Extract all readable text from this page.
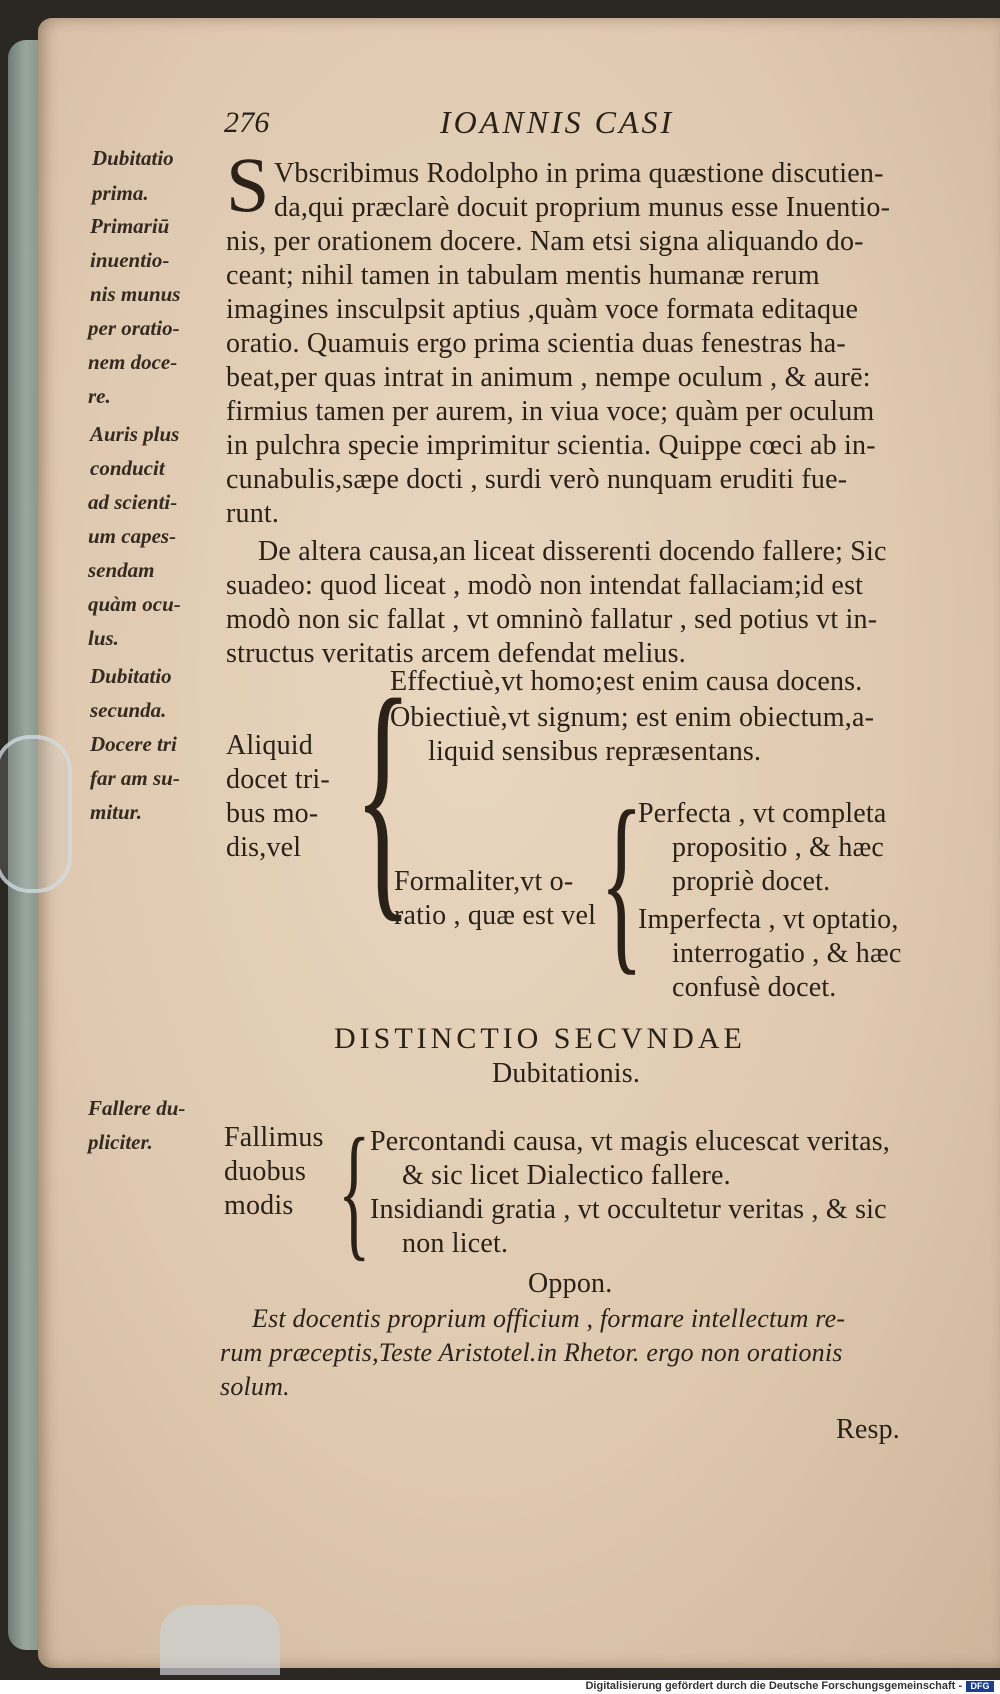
276	IOANNIS CASI
Dubitatio
prima.
Primariū
inuentio-
nis munus
per oratio-
nem doce-
re.
Auris plus
conducit
ad scienti-
um capes-
sendam
quàm ocu-
lus.
Dubitatio
secunda.
Docere tri
far am su-
mitur.
Fallere du-
pliciter.
S Vbscribimus Rodolpho in prima quæstione discutien-
da,qui præclarè docuit proprium munus esse Inuentio-
nis, per orationem docere. Nam etsi signa aliquando do-
ceant; nihil tamen in tabulam mentis humanæ rerum
imagines insculpsit aptius ,quàm voce formata editaque
oratio. Quamuis ergo prima scientia duas fenestras ha-
beat,per quas intrat in animum , nempe oculum , & aurē:
firmius tamen per aurem, in viua voce; quàm per oculum
in pulchra specie imprimitur scientia. Quippe cœci ab in-
cunabulis,sæpe docti , surdi verò nunquam eruditi fue-
runt.
De altera causa,an liceat disserenti docendo fallere; Sic
suadeo: quod liceat , modò non intendat fallaciam;id est
modò non sic fallat , vt omninò fallatur , sed potius vt in-
structus veritatis arcem defendat melius.
Aliquid
docet tri-
bus mo-
dis,vel {
Effectiuè,vt homo;est enim causa docens.
Obiectiuè,vt signum; est enim obiectum,a-
liquid sensibus repræsentans.
Formaliter,vt o-
ratio , quæ est vel {
Perfecta , vt completa
propositio , & hæc
propriè docet.
Imperfecta , vt optatio,
interrogatio , & hæc
confusè docet.
DISTINCTIO SECVNDAE
Dubitationis.
Fallimus
duobus
modis { Percontandi causa, vt magis elucescat veritas,
& sic licet Dialectico fallere.
Insidiandi gratia , vt occultetur veritas , & sic
non licet.
Oppon.
Est docentis proprium officium , formare intellectum re-
rum præceptis,Teste Aristotel.in Rhetor. ergo non orationis
solum.
Resp.
Digitalisierung gefördert durch die Deutsche Forschungsgemeinschaft - DFG
